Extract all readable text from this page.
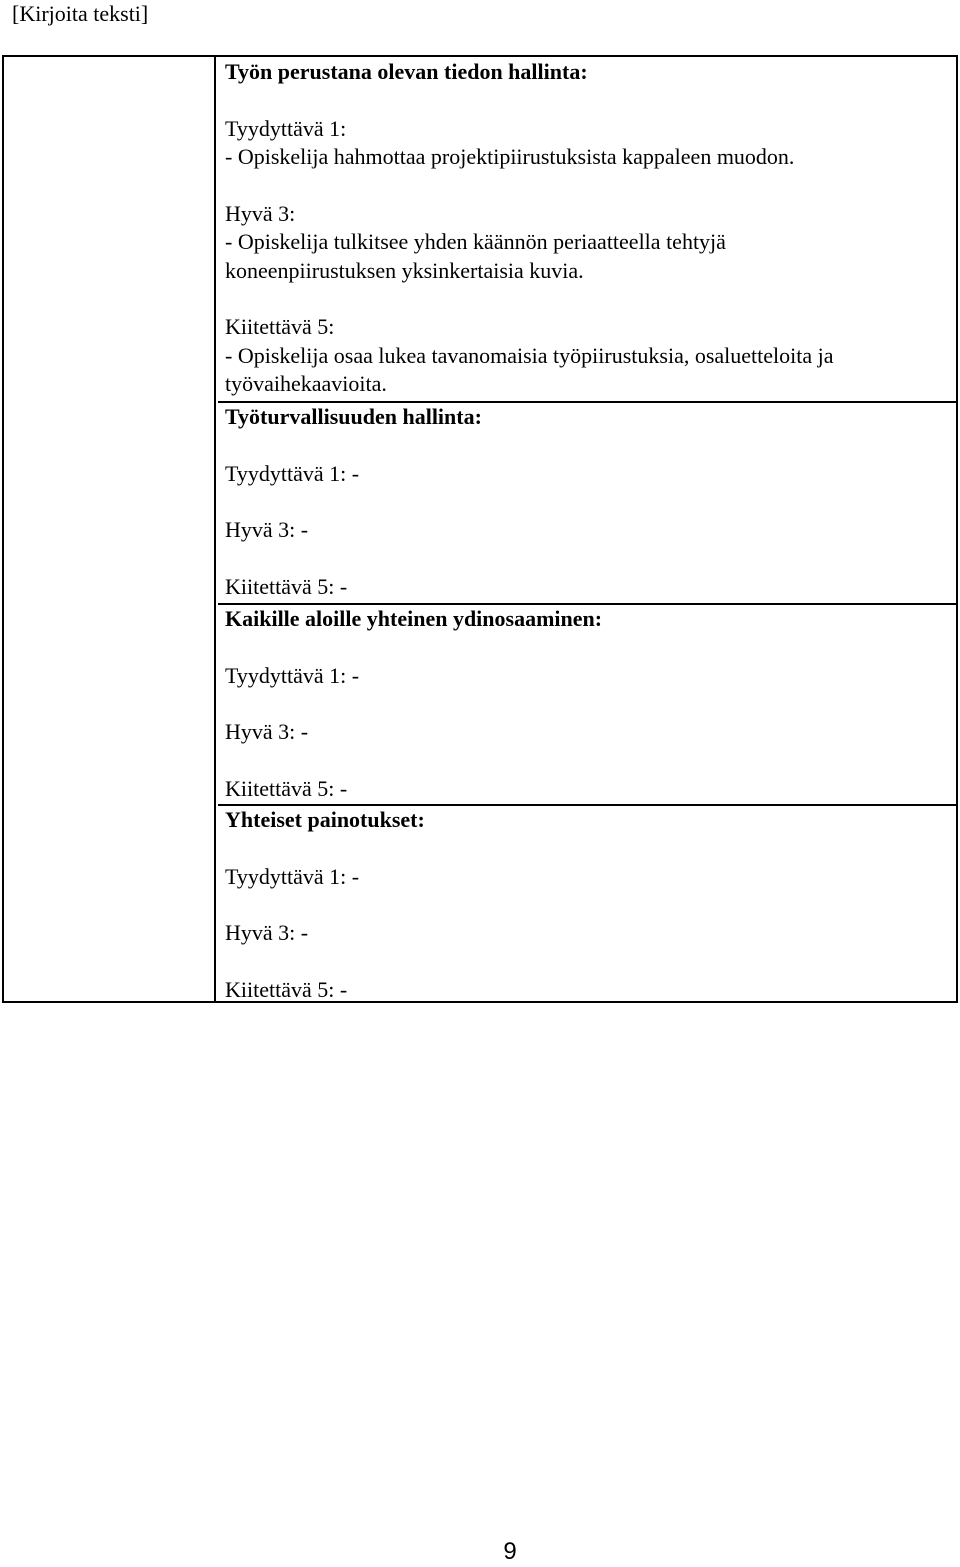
[Kirjoita teksti]
Työn perustana olevan tiedon hallinta:
Tyydyttävä 1:
- Opiskelija hahmottaa projektipiirustuksista kappaleen muodon.
Hyvä 3:
- Opiskelija tulkitsee yhden käännön periaatteella tehtyjä
koneenpiirustuksen yksinkertaisia kuvia.
Kiitettävä 5:
- Opiskelija osaa lukea tavanomaisia työpiirustuksia, osaluetteloita ja
työvaihekaavioita.
Työturvallisuuden hallinta:
Tyydyttävä 1: -
Hyvä 3: -
Kiitettävä 5: -
Kaikille aloille yhteinen ydinosaaminen:
Tyydyttävä 1: -
Hyvä 3: -
Kiitettävä 5: -
Yhteiset painotukset:
Tyydyttävä 1: -
Hyvä 3: -
Kiitettävä 5: -
9
